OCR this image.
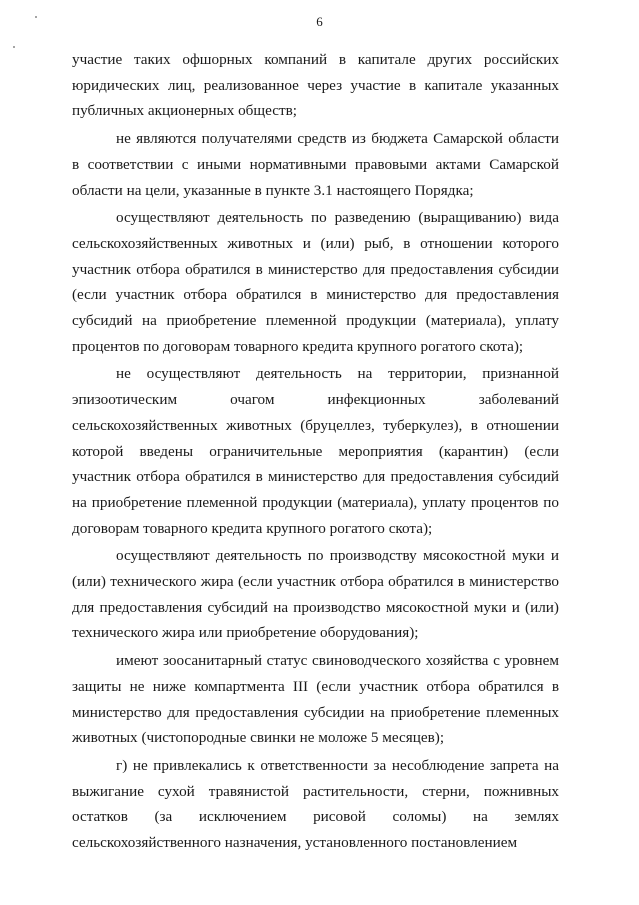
6

участие таких офшорных компаний в капитале других российских юридических лиц, реализованное через участие в капитале указанных публичных акционерных обществ;

не являются получателями средств из бюджета Самарской области в соответствии с иными нормативными правовыми актами Самарской области на цели, указанные в пункте 3.1 настоящего Порядка;

осуществляют деятельность по разведению (выращиванию) вида сельскохозяйственных животных и (или) рыб, в отношении которого участник отбора обратился в министерство для предоставления субсидии (если участник отбора обратился в министерство для предоставления субсидий на приобретение племенной продукции (материала), уплату процентов по договорам товарного кредита крупного рогатого скота);

не осуществляют деятельность на территории, признанной эпизоотическим очагом инфекционных заболеваний сельскохозяйственных животных (бруцеллез, туберкулез), в отношении которой введены ограничительные мероприятия (карантин) (если участник отбора обратился в министерство для предоставления субсидий на приобретение племенной продукции (материала), уплату процентов по договорам товарного кредита крупного рогатого скота);

осуществляют деятельность по производству мясокостной муки и (или) технического жира (если участник отбора обратился в министерство для предоставления субсидий на производство мясокостной муки и (или) технического жира или приобретение оборудования);

имеют зоосанитарный статус свиноводческого хозяйства с уровнем защиты не ниже компартмента III (если участник отбора обратился в министерство для предоставления субсидии на приобретение племенных животных (чистопородные свинки не моложе 5 месяцев);

г) не привлекались к ответственности за несоблюдение запрета на выжигание сухой травянистой растительности, стерни, пожнивных остатков (за исключением рисовой соломы) на землях сельскохозяйственного назначения, установленного постановлением
